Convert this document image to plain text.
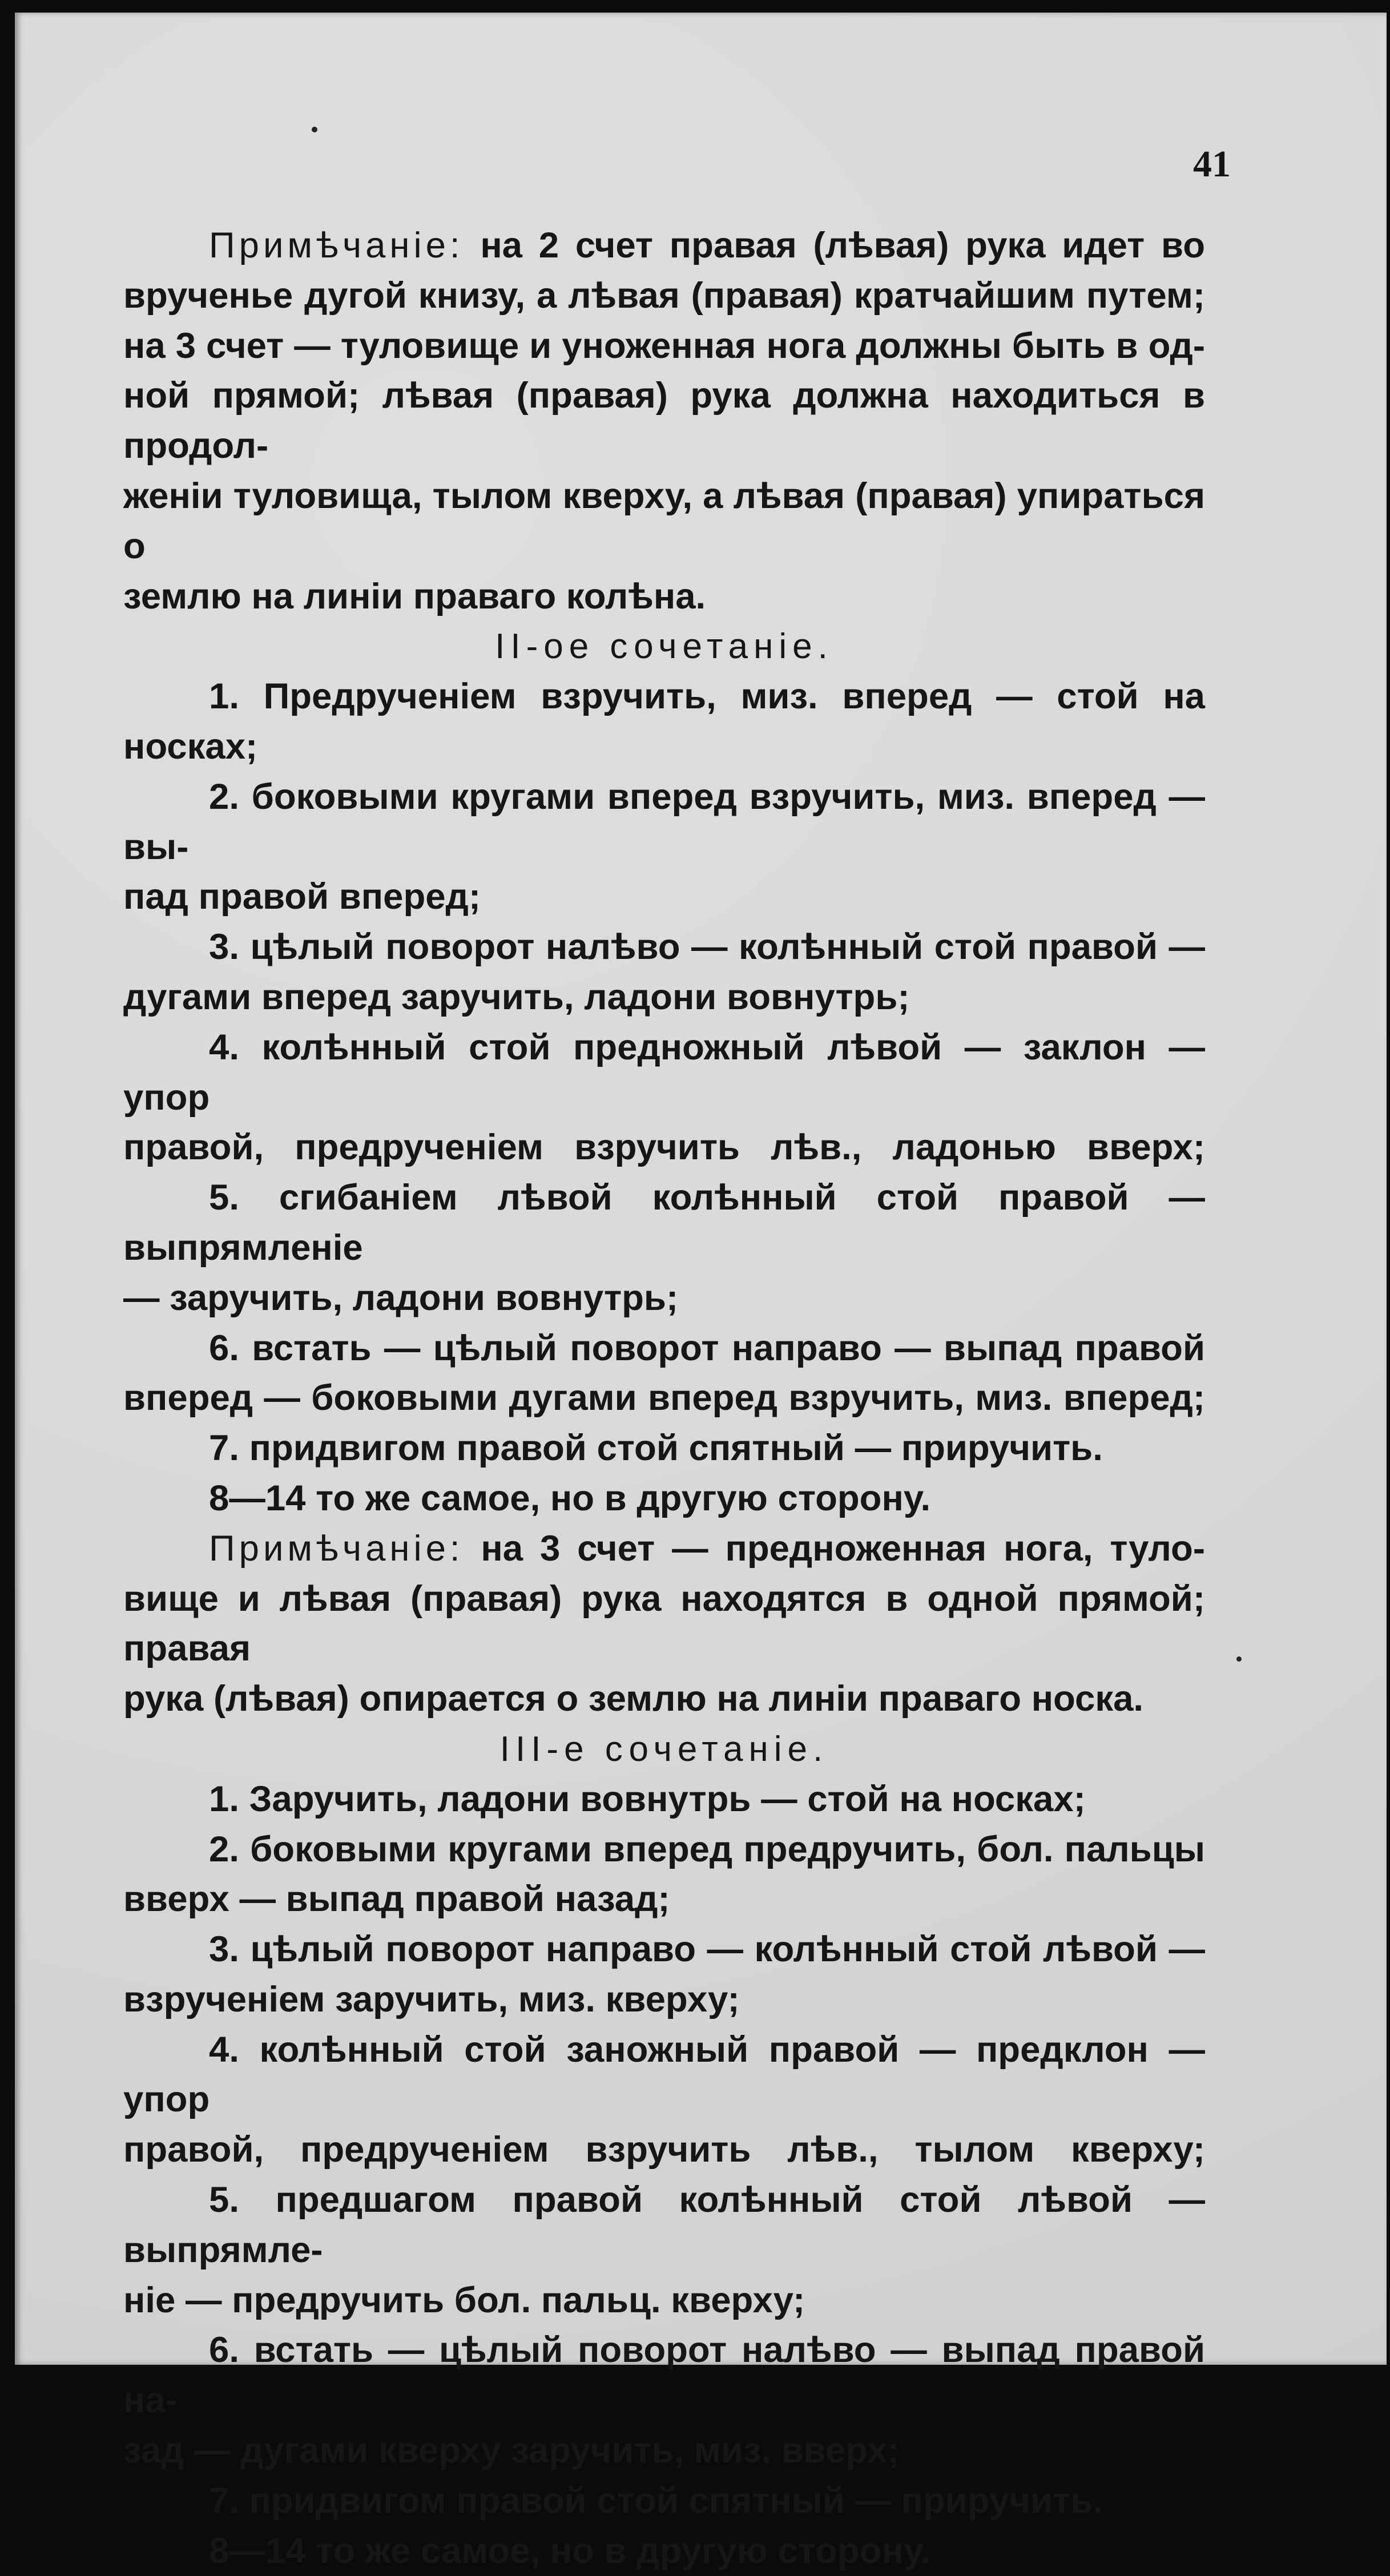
41

Примѣчаніе: на 2 счет правая (лѣвая) рука идет во

вручeнье дугой книзу, а лѣвая (правая) кратчайшим путем;

на 3 счет — туловище и уноженная нога должны быть в од-

ной прямой; лѣвая (правая) рука должна находиться в продол-

женіи туловища, тылом кверху, а лѣвая (правая) упираться о

землю на линіи праваго колѣна.

II-ое сочетаніе.

1. Предрученіем взручить, миз. вперед — стой на носках;

2. боковыми кругами вперед взручить, миз. вперед — вы-

пад правой вперед;

3. цѣлый поворот налѣво — колѣнный стой правой —

дугами вперед заручить, ладони вовнутрь;

4. колѣнный стой предножный лѣвой — заклон — упор

правой, предрученіем взручить лѣв., ладонью вверх;

5. сгибаніем лѣвой колѣнный стой правой — выпрямленіе

— заручить, ладони вовнутрь;

6. встать — цѣлый поворот направо — выпад правой

вперед — боковыми дугами вперед взручить, миз. вперед;

7. придвигом правой стой спятный — приручить.

8—14 то же самое, но в другую сторону.

Примѣчаніе: на 3 счет — предноженная нога, туло-

вище и лѣвая (правая) рука находятся в одной прямой; правая

рука (лѣвая) опирается о землю на линіи праваго носка.

III-е сочетаніе.

1. Заручить, ладони вовнутрь — стой на носках;

2. боковыми кругами вперед предручить, бол. пальцы

вверх — выпад правой назад;

3. цѣлый поворот направо — колѣнный стой лѣвой —

взрученіем заручить, миз. кверху;

4. колѣнный стой заножный правой — предклон — упор

правой, предрученіем взручить лѣв., тылом кверху;

5. предшагом правой колѣнный стой лѣвой — выпрямле-

ніе — предручить бол. пальц. кверху;

6. встать — цѣлый поворот налѣво — выпад правой на-

зад — дугами кверху заручить, миз. вверх;

7. придвигом правой стой спятный — приручить.

8—14 то же самое, но в другую сторону.
